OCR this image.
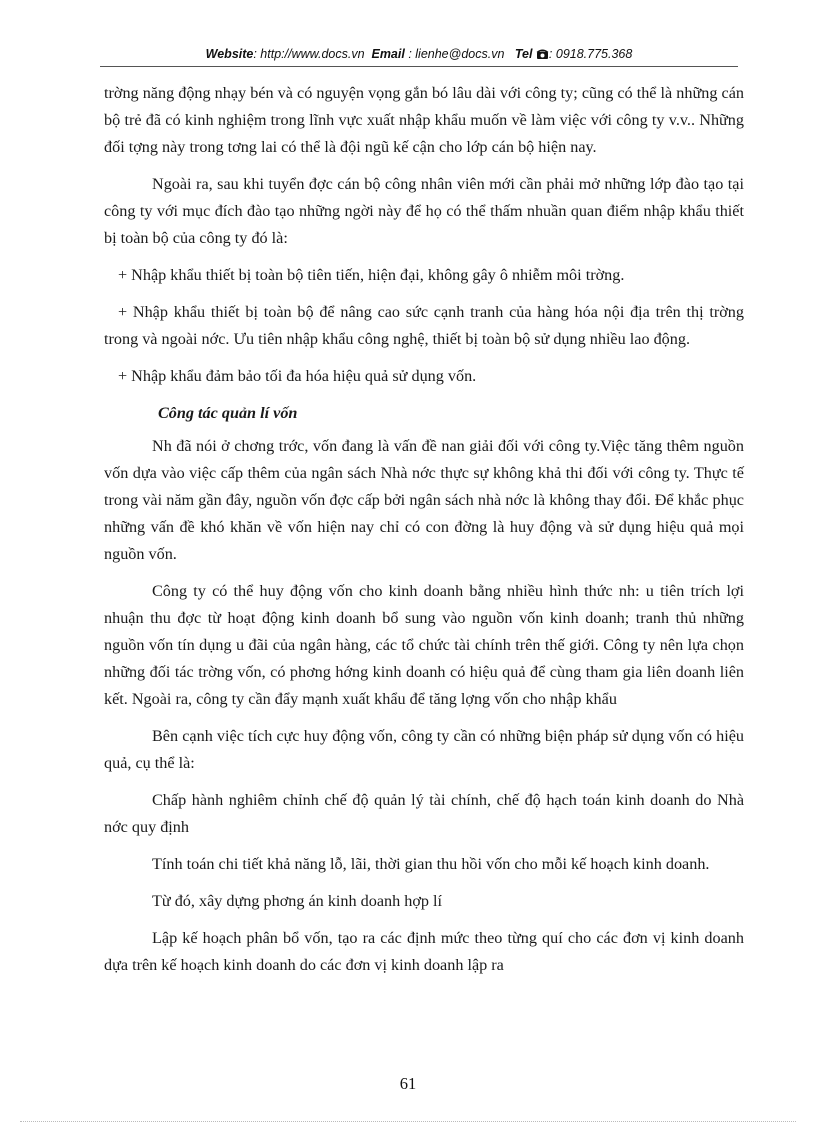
Website: http://www.docs.vn Email : lienhe@docs.vn Tel : 0918.775.368

trờng năng động nhạy bén và có nguyện vọng gắn bó lâu dài với công ty; cũng có thể là những cán bộ trẻ đã có kinh nghiệm trong lĩnh vực xuất nhập khẩu muốn về làm việc với công ty v.v.. Những đối tợng này trong tơng lai có thể là đội ngũ kế cận cho lớp cán bộ hiện nay.

Ngoài ra, sau khi tuyển đợc cán bộ công nhân viên mới cần phải mở những lớp đào tạo tại công ty với mục đích đào tạo những ngời này để họ có thể thấm nhuần quan điểm nhập khẩu thiết bị toàn bộ của công ty đó là:

+ Nhập khẩu thiết bị toàn bộ tiên tiến, hiện đại, không gây ô nhiễm môi trờng.

+ Nhập khẩu thiết bị toàn bộ để nâng cao sức cạnh tranh của hàng hóa nội địa trên thị trờng trong và ngoài nớc. Ưu tiên nhập khẩu công nghệ, thiết bị toàn bộ sử dụng nhiều lao động.

+ Nhập khẩu đảm bảo tối đa hóa hiệu quả sử dụng vốn.

Công tác quản lí vốn

Nh đã nói ở chơng trớc, vốn đang là vấn đề nan giải đối với công ty.Việc tăng thêm nguồn vốn dựa vào việc cấp thêm của ngân sách Nhà nớc thực sự không khả thi đối với công ty. Thực tế trong vài năm gần đây, nguồn vốn đợc cấp bởi ngân sách nhà nớc là không thay đổi. Để khắc phục những vấn đề khó khăn về vốn hiện nay chỉ có con đờng là huy động và sử dụng hiệu quả mọi nguồn vốn.

Công ty có thể huy động vốn cho kinh doanh bằng nhiều hình thức nh: u tiên trích lợi nhuận thu đợc từ hoạt động kinh doanh bổ sung vào nguồn vốn kinh doanh; tranh thủ những nguồn vốn tín dụng u đãi của ngân hàng, các tổ chức tài chính trên thế giới. Công ty nên lựa chọn những đối tác trờng vốn, có phơng hớng kinh doanh có hiệu quả để cùng tham gia liên doanh liên kết. Ngoài ra, công ty cần đẩy mạnh xuất khẩu để tăng lợng vốn cho nhập khẩu

Bên cạnh việc tích cực huy động vốn, công ty cần có những biện pháp sử dụng vốn có hiệu quả, cụ thể là:

Chấp hành nghiêm chỉnh chế độ quản lý tài chính, chế độ hạch toán kinh doanh do Nhà nớc quy định

Tính toán chi tiết khả năng lỗ, lãi, thời gian thu hồi vốn cho mỗi kế hoạch kinh doanh.

Từ đó, xây dựng phơng án kinh doanh hợp lí

Lập kế hoạch phân bổ vốn, tạo ra các định mức theo từng quí cho các đơn vị kinh doanh dựa trên kế hoạch kinh doanh do các đơn vị kinh doanh lập ra

61
